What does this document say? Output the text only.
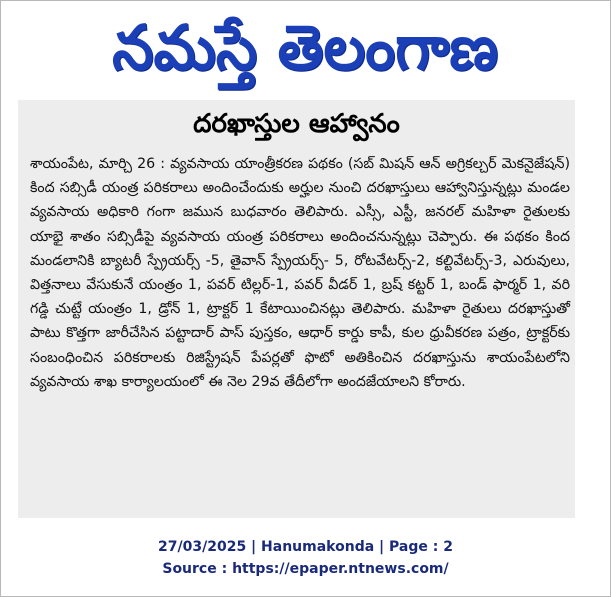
నమస్తే తెలంగాణ
దరఖాస్తుల ఆహ్వానం
శాయంపేట, మార్చి 26 : వ్యవసాయ యాంత్రీకరణ పథకం (సబ్ మిషన్ ఆన్ అగ్రికల్చర్ మెకనైజేషన్) కింద సబ్సిడీ యంత్ర పరికరాలు అందించేందుకు అర్హుల నుంచి దరఖాస్తులు ఆహ్వానిస్తున్నట్లు మండల వ్యవసాయ అధికారి గంగా జమున బుధవారం తెలిపారు. ఎస్సీ, ఎస్టీ, జనరల్ మహిళా రైతులకు యాభై శాతం సబ్సిడీపై వ్యవసాయ యంత్ర పరికరాలు అందించనున్నట్లు చెప్పారు. ఈ పథకం కింద మండలానికి బ్యాటరీ స్ప్రేయర్స్ -5, తైవాన్ స్ప్రేయర్స్- 5, రోటవేటర్స్-2, కల్టివేటర్స్-3, ఎరువులు, విత్తనాలు వేసుకునే యంత్రం 1, పవర్ టిల్లర్-1, పవర్ వీడర్ 1, బ్రష్ కట్టర్ 1, బండ్ ఫార్మర్ 1, వరి గడ్డి చుట్టే యంత్రం 1, డ్రోన్ 1, ట్రాక్టర్ 1 కేటాయించినట్లు తెలిపారు. మహిళా రైతులు దరఖాస్తుతో పాటు కొత్తగా జారీచేసిన పట్టాదార్ పాస్ పుస్తకం, ఆధార్ కార్డు కాపీ, కుల ధ్రువీకరణ పత్రం, ట్రాక్టర్‌కు సంబంధించిన పరికరాలకు రిజిస్ట్రేషన్ పేపర్లతో ఫొటో అతికించిన దరఖాస్తును శాయంపేటలోని వ్యవసాయ శాఖ కార్యాలయంలో ఈ నెల 29వ తేదీలోగా అందజేయాలని కోరారు.
27/03/2025 | Hanumakonda | Page : 2
Source : https://epaper.ntnews.com/
